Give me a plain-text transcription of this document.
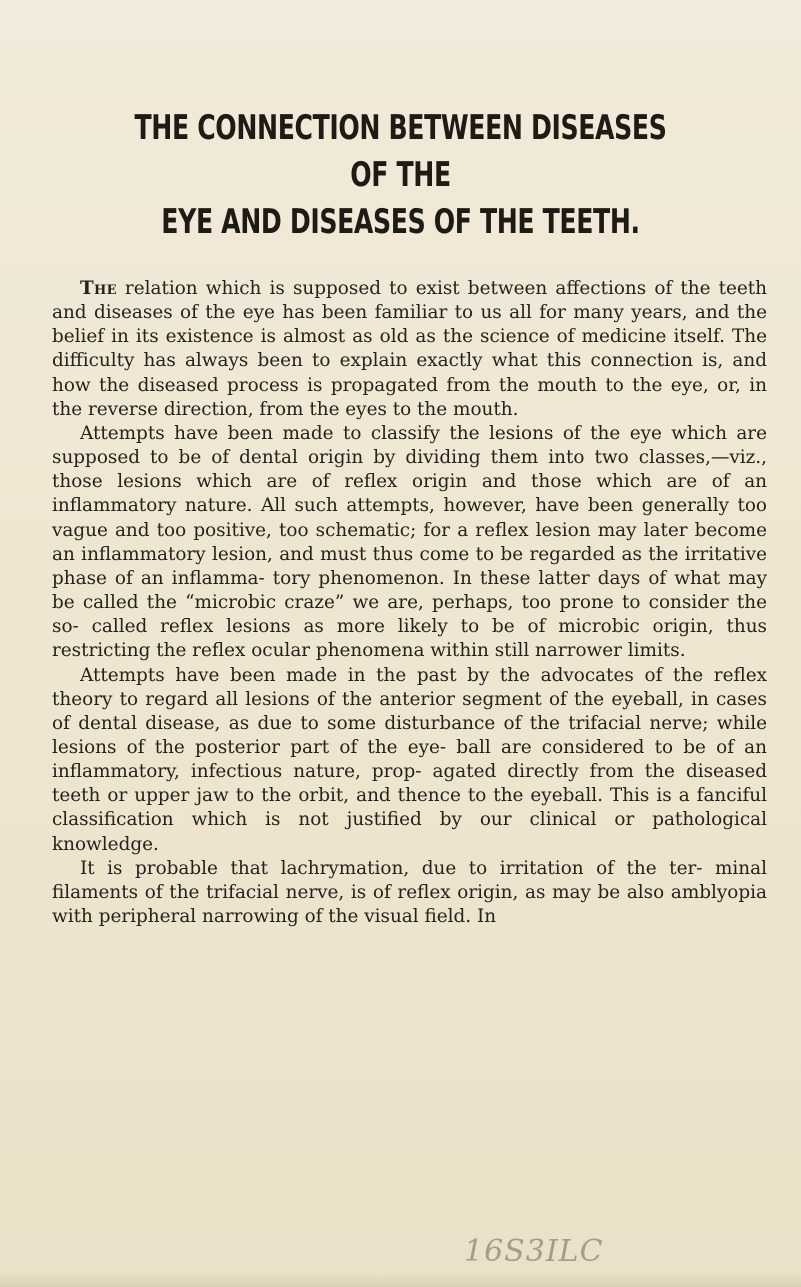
THE CONNECTION BETWEEN DISEASES OF THE
EYE AND DISEASES OF THE TEETH.

The relation which is supposed to exist between affections of the teeth and diseases of the eye has been familiar to us all for many years, and the belief in its existence is almost as old as the science of medicine itself. The difficulty has always been to explain exactly what this connection is, and how the diseased process is propagated from the mouth to the eye, or, in the reverse direction, from the eyes to the mouth.

Attempts have been made to classify the lesions of the eye which are supposed to be of dental origin by dividing them into two classes,—viz., those lesions which are of reflex origin and those which are of an inflammatory nature. All such attempts, however, have been generally too vague and too positive, too schematic; for a reflex lesion may later become an inflammatory lesion, and must thus come to be regarded as the irritative phase of an inflamma- tory phenomenon. In these latter days of what may be called the “microbic craze” we are, perhaps, too prone to consider the so- called reflex lesions as more likely to be of microbic origin, thus restricting the reflex ocular phenomena within still narrower limits.

Attempts have been made in the past by the advocates of the reflex theory to regard all lesions of the anterior segment of the eyeball, in cases of dental disease, as due to some disturbance of the trifacial nerve; while lesions of the posterior part of the eye- ball are considered to be of an inflammatory, infectious nature, prop- agated directly from the diseased teeth or upper jaw to the orbit, and thence to the eyeball. This is a fanciful classification which is not justified by our clinical or pathological knowledge.

It is probable that lachrymation, due to irritation of the ter- minal filaments of the trifacial nerve, is of reflex origin, as may be also amblyopia with peripheral narrowing of the visual field. In

16S3ILC
